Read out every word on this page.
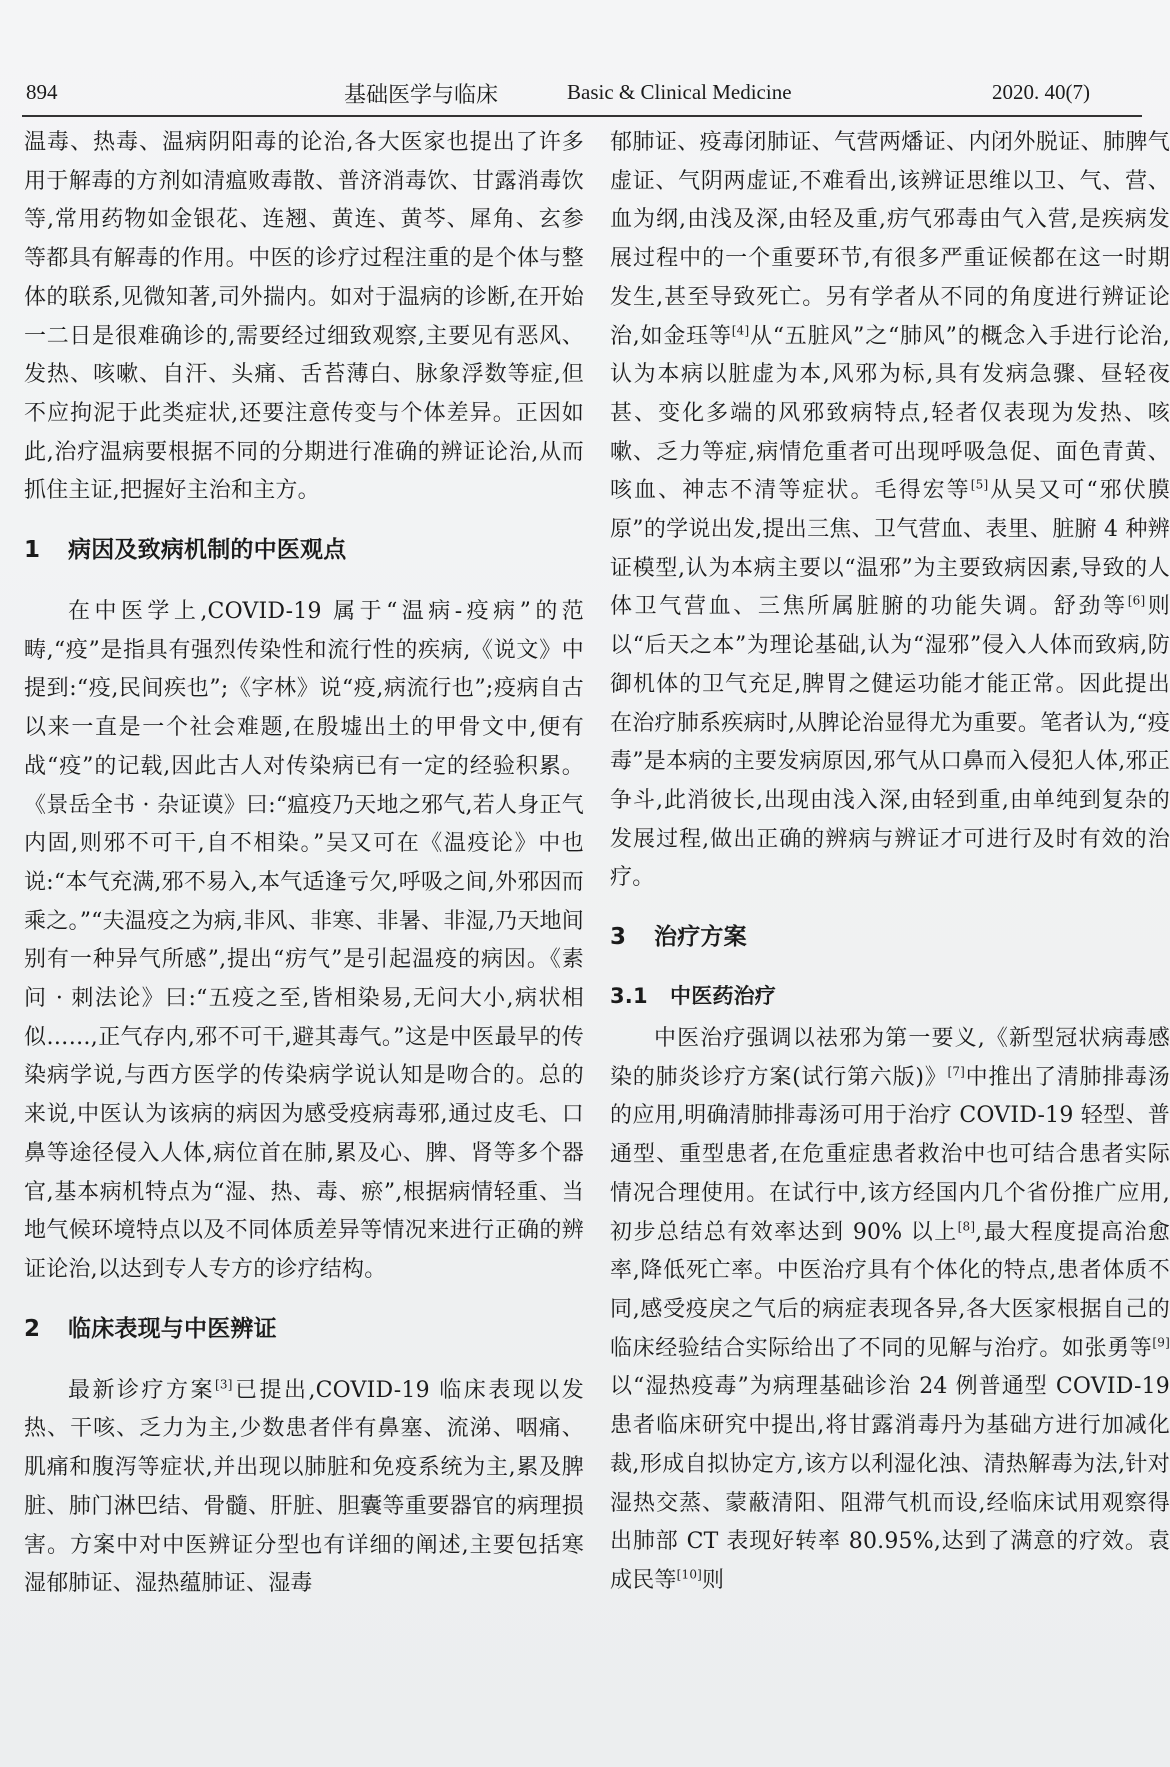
894	基础医学与临床	Basic & Clinical Medicine	2020. 40(7)

温毒、热毒、温病阴阳毒的论治,各大医家也提出了许多用于解毒的方剂如清瘟败毒散、普济消毒饮、甘露消毒饮等,常用药物如金银花、连翘、黄连、黄芩、犀角、玄参等都具有解毒的作用。中医的诊疗过程注重的是个体与整体的联系,见微知著,司外揣内。如对于温病的诊断,在开始一二日是很难确诊的,需要经过细致观察,主要见有恶风、发热、咳嗽、自汗、头痛、舌苔薄白、脉象浮数等症,但不应拘泥于此类症状,还要注意传变与个体差异。正因如此,治疗温病要根据不同的分期进行准确的辨证论治,从而抓住主证,把握好主治和主方。

1 病因及致病机制的中医观点

在中医学上,COVID-19 属于“温病-疫病”的范畴,“疫”是指具有强烈传染性和流行性的疾病,《说文》中提到:“疫,民间疾也”;《字林》说“疫,病流行也”;疫病自古以来一直是一个社会难题,在殷墟出土的甲骨文中,便有战“疫”的记载,因此古人对传染病已有一定的经验积累。《景岳全书 · 杂证谟》曰:“瘟疫乃天地之邪气,若人身正气内固,则邪不可干,自不相染。”吴又可在《温疫论》中也说:“本气充满,邪不易入,本气适逢亏欠,呼吸之间,外邪因而乘之。”“夫温疫之为病,非风、非寒、非暑、非湿,乃天地间别有一种异气所感”,提出“疠气”是引起温疫的病因。《素问 · 刺法论》曰:“五疫之至,皆相染易,无问大小,病状相似……,正气存内,邪不可干,避其毒气。”这是中医最早的传染病学说,与西方医学的传染病学说认知是吻合的。总的来说,中医认为该病的病因为感受疫病毒邪,通过皮毛、口鼻等途径侵入人体,病位首在肺,累及心、脾、肾等多个器官,基本病机特点为“湿、热、毒、瘀”,根据病情轻重、当地气候环境特点以及不同体质差异等情况来进行正确的辨证论治,以达到专人专方的诊疗结构。

2 临床表现与中医辨证

最新诊疗方案[3]已提出,COVID-19 临床表现以发热、干咳、乏力为主,少数患者伴有鼻塞、流涕、咽痛、肌痛和腹泻等症状,并出现以肺脏和免疫系统为主,累及脾脏、肺门淋巴结、骨髓、肝脏、胆囊等重要器官的病理损害。方案中对中医辨证分型也有详细的阐述,主要包括寒湿郁肺证、湿热蕴肺证、湿毒

郁肺证、疫毒闭肺证、气营两燔证、内闭外脱证、肺脾气虚证、气阴两虚证,不难看出,该辨证思维以卫、气、营、血为纲,由浅及深,由轻及重,疠气邪毒由气入营,是疾病发展过程中的一个重要环节,有很多严重证候都在这一时期发生,甚至导致死亡。另有学者从不同的角度进行辨证论治,如金珏等[4]从“五脏风”之“肺风”的概念入手进行论治,认为本病以脏虚为本,风邪为标,具有发病急骤、昼轻夜甚、变化多端的风邪致病特点,轻者仅表现为发热、咳嗽、乏力等症,病情危重者可出现呼吸急促、面色青黄、咳血、神志不清等症状。毛得宏等[5]从吴又可“邪伏膜原”的学说出发,提出三焦、卫气营血、表里、脏腑 4 种辨证模型,认为本病主要以“温邪”为主要致病因素,导致的人体卫气营血、三焦所属脏腑的功能失调。舒劲等[6]则以“后天之本”为理论基础,认为“湿邪”侵入人体而致病,防御机体的卫气充足,脾胃之健运功能才能正常。因此提出在治疗肺系疾病时,从脾论治显得尤为重要。笔者认为,“疫毒”是本病的主要发病原因,邪气从口鼻而入侵犯人体,邪正争斗,此消彼长,出现由浅入深,由轻到重,由单纯到复杂的发展过程,做出正确的辨病与辨证才可进行及时有效的治疗。

3 治疗方案
3.1 中医药治疗

中医治疗强调以祛邪为第一要义,《新型冠状病毒感染的肺炎诊疗方案(试行第六版)》[7]中推出了清肺排毒汤的应用,明确清肺排毒汤可用于治疗 COVID-19 轻型、普通型、重型患者,在危重症患者救治中也可结合患者实际情况合理使用。在试行中,该方经国内几个省份推广应用,初步总结总有效率达到 90% 以上[8],最大程度提高治愈率,降低死亡率。中医治疗具有个体化的特点,患者体质不同,感受疫戾之气后的病症表现各异,各大医家根据自己的临床经验结合实际给出了不同的见解与治疗。如张勇等[9]以“湿热疫毒”为病理基础诊治 24 例普通型 COVID-19 患者临床研究中提出,将甘露消毒丹为基础方进行加减化裁,形成自拟协定方,该方以利湿化浊、清热解毒为法,针对湿热交蒸、蒙蔽清阳、阻滞气机而设,经临床试用观察得出肺部 CT 表现好转率 80.95%,达到了满意的疗效。袁成民等[10]则
